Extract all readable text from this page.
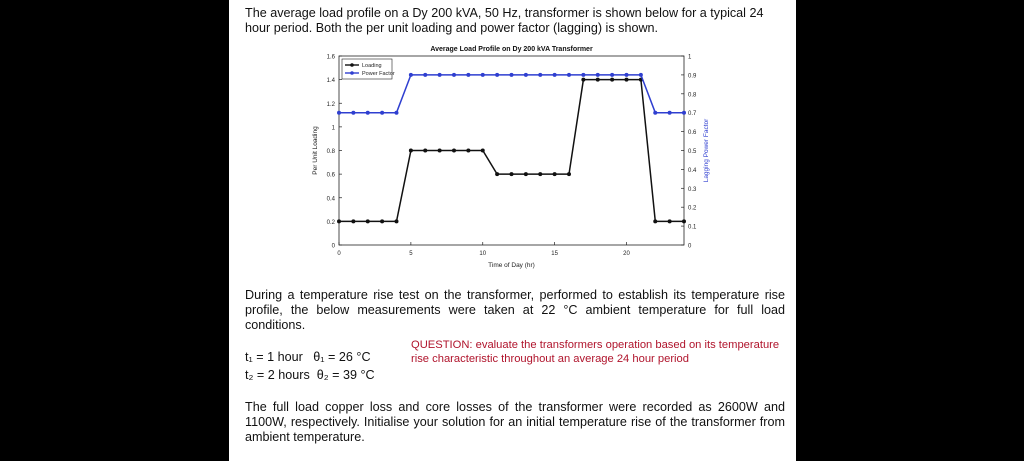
The average load profile on a Dy 200 kVA, 50 Hz, transformer is shown below for a typical 24 hour period. Both the per unit loading and power factor (lagging) is shown.
Average Load Profile on Dy 200 kVA Transformer
0
0.2
0.4
0.6
0.8
1
1.2
1.4
1.6
0
0.1
0.2
0.3
0.4
0.5
0.6
0.7
0.8
0.9
1
0	5	10	15	20
Time of Day (hr)
Per Unit Loading	Lagging Power Factor
Loading
Power Factor
During a temperature rise test on the transformer, performed to establish its temperature rise profile, the below measurements were taken at 22 °C ambient temperature for full load conditions.
t₁ = 1 hour   θ₁ = 26 °C
t₂ = 2 hours  θ₂ = 39 °C
QUESTION: evaluate the transformers operation based on its temperature rise characteristic throughout an average 24 hour period
The full load copper loss and core losses of the transformer were recorded as 2600W and 1100W, respectively. Initialise your solution for an initial temperature rise of the transformer from ambient temperature.
